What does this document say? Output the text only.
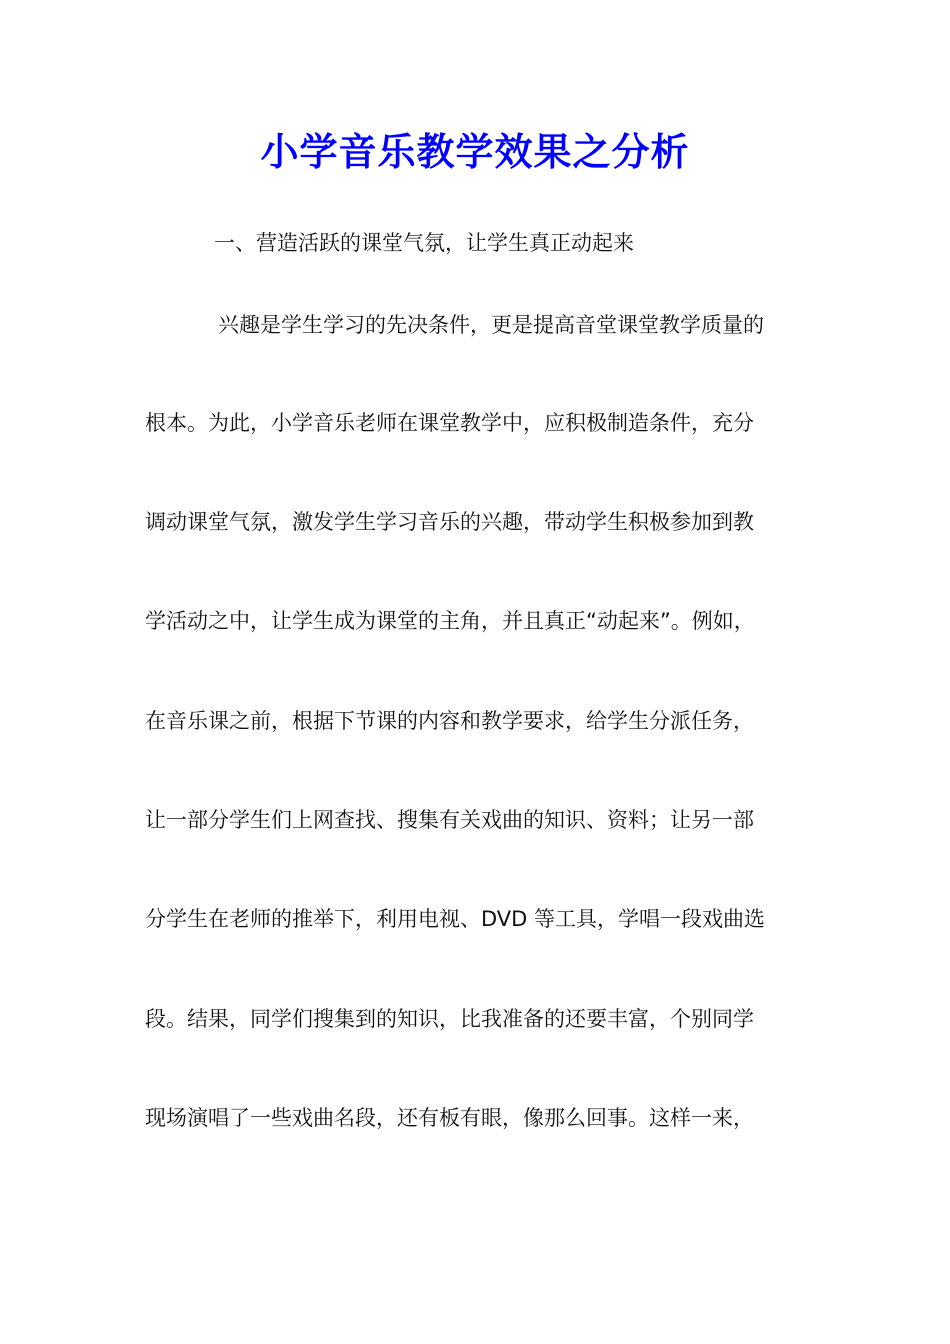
小学音乐教学效果之分析

一、营造活跃的课堂气氛，让学生真正动起来

兴趣是学生学习的先决条件，更是提高音堂课堂教学质量的

根本。为此，小学音乐老师在课堂教学中，应积极制造条件，充分

调动课堂气氛，激发学生学习音乐的兴趣，带动学生积极参加到教

学活动之中，让学生成为课堂的主角，并且真正“动起来”。例如，

在音乐课之前，根据下节课的内容和教学要求，给学生分派任务，

让一部分学生们上网查找、搜集有关戏曲的知识、资料；让另一部

分学生在老师的推举下，利用电视、DVD 等工具，学唱一段戏曲选

段。结果，同学们搜集到的知识，比我准备的还要丰富，个别同学

现场演唱了一些戏曲名段，还有板有眼，像那么回事。这样一来，
